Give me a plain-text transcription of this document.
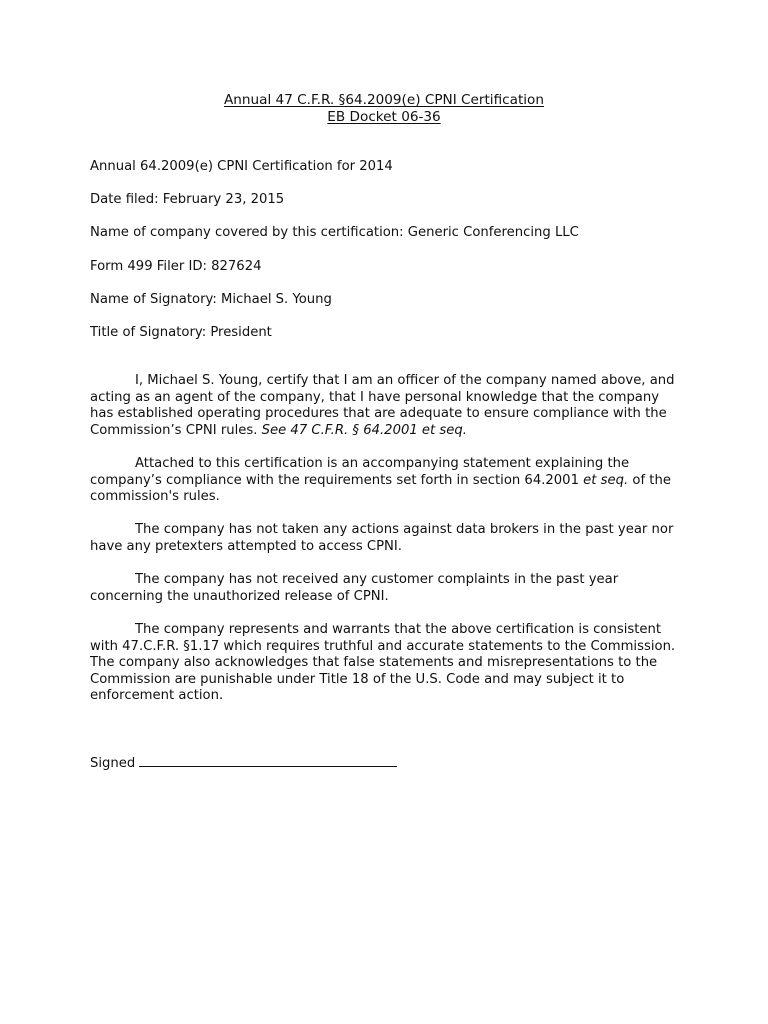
Annual 47 C.F.R. §64.2009(e) CPNI Certification
EB Docket 06-36
Annual 64.2009(e) CPNI Certification for 2014
Date filed: February 23, 2015
Name of company covered by this certification: Generic Conferencing LLC
Form 499 Filer ID: 827624
Name of Signatory: Michael S. Young
Title of Signatory: President

I, Michael S. Young, certify that I am an officer of the company named above, and acting as an agent of the company, that I have personal knowledge that the company has established operating procedures that are adequate to ensure compliance with the Commission’s CPNI rules. See 47 C.F.R. § 64.2001 et seq.

Attached to this certification is an accompanying statement explaining the company’s compliance with the requirements set forth in section 64.2001 et seq. of the commission's rules.

The company has not taken any actions against data brokers in the past year nor have any pretexters attempted to access CPNI.

The company has not received any customer complaints in the past year concerning the unauthorized release of CPNI.

The company represents and warrants that the above certification is consistent with 47.C.F.R. §1.17 which requires truthful and accurate statements to the Commission. The company also acknowledges that false statements and misrepresentations to the Commission are punishable under Title 18 of the U.S. Code and may subject it to enforcement action.

Signed
